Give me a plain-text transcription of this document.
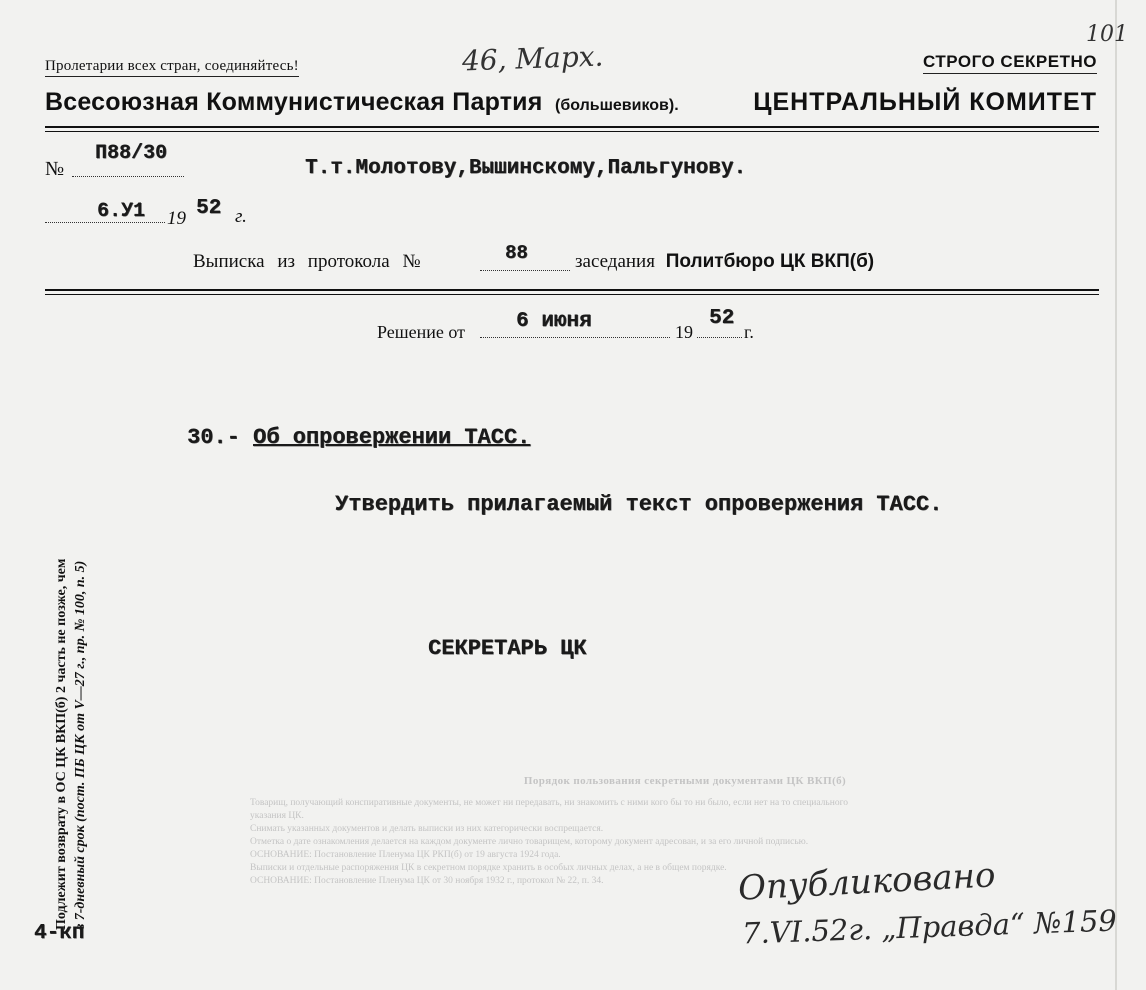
101
Пролетарии всех стран, соединяйтесь!	46, Марх.	СТРОГО СЕКРЕТНО
Всесоюзная Коммунистическая Партия (большевиков).	ЦЕНТРАЛЬНЫЙ КОМИТЕТ
№
П88/30
Т.т.Молотову,Вышинскому,Пальгунову.
6.У1 19 52 г.
Выписка из протокола №	88 заседания Политбюро ЦК ВКП(б)
Решение от 6 июня	19
52
г.
30.- Об опровержении ТАСС.
Утвердить прилагаемый текст опровержения ТАСС.
СЕКРЕТАРЬ ЦК
Подлежит возврату в ОС ЦК ВКП(б) 2 часть не позже, чем в 7-дневный срок (пост. ПБ ЦК от V—27 г., пр. № 100, п. 5)
4-кп
Порядок пользования секретными документами ЦК ВКП(б)
Товарищ, получающий конспиративные документы, не может ни передавать, ни знакомить с ними кого бы то ни было, если нет на то специального
указания ЦК.
Снимать указанных документов и делать выписки из них категорически воспрещается.
Отметка о дате ознакомления делается на каждом документе лично товарищем, которому документ адресован, и за его личной подписью.
ОСНОВАНИЕ: Постановление Пленума ЦК РКП(б) от 19 августа 1924 года.
Выписки и отдельные распоряжения ЦК в секретном порядке хранить в особых личных делах, а не в общем порядке.
ОСНОВАНИЕ: Постановление Пленума ЦК от 30 ноября 1932 г., протокол № 22, п. 34.	Опубликовано
7.VI.52г. „Правда“ №159
